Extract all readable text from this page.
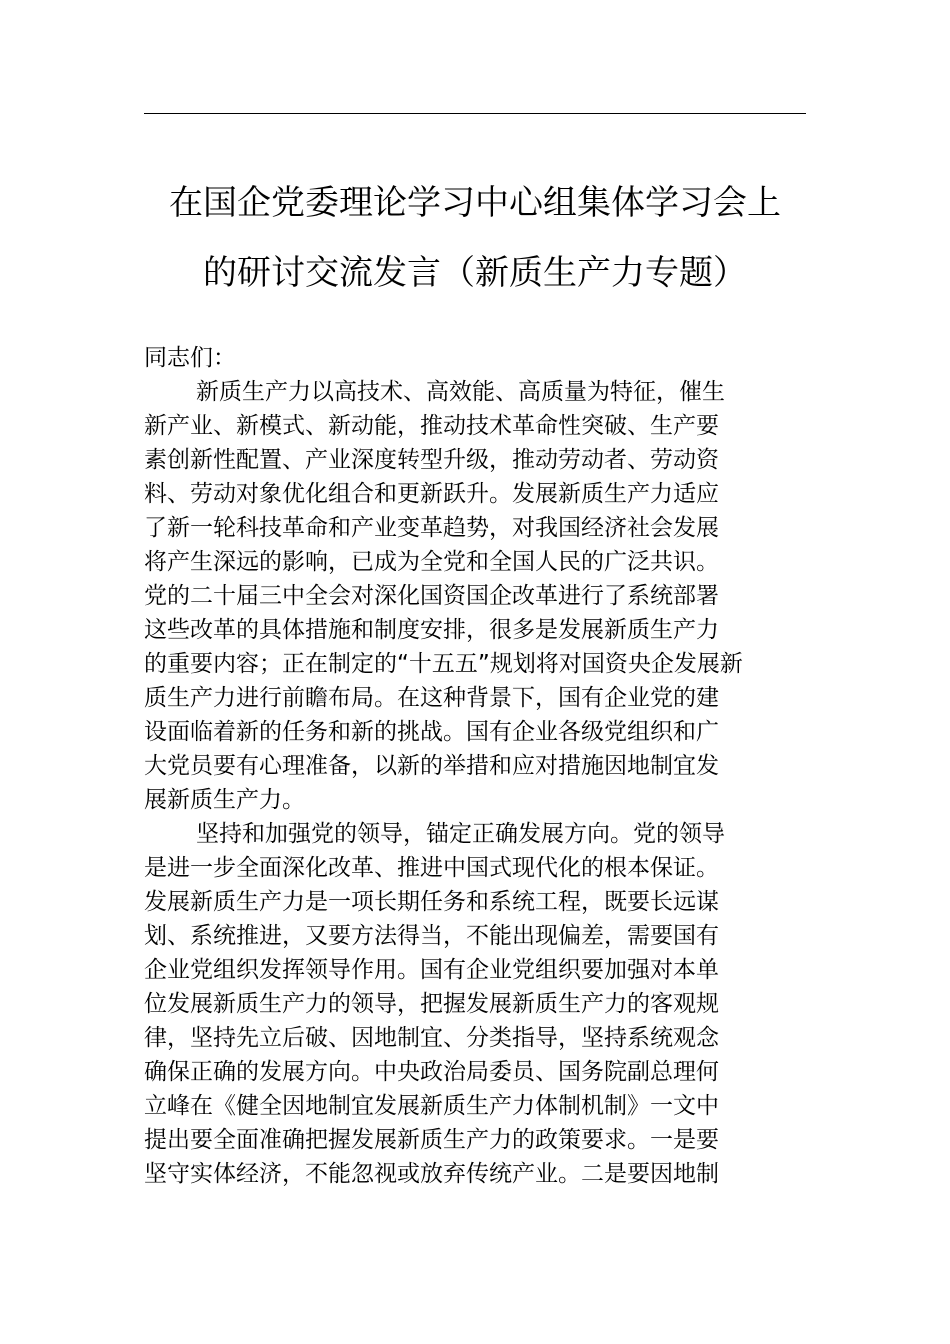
在国企党委理论学习中心组集体学习会上
的研讨交流发言（新质生产力专题）
同志们：
新质生产力以高技术、高效能、高质量为特征，催生
新产业、新模式、新动能，推动技术革命性突破、生产要
素创新性配置、产业深度转型升级，推动劳动者、劳动资
料、劳动对象优化组合和更新跃升。发展新质生产力适应
了新一轮科技革命和产业变革趋势，对我国经济社会发展
将产生深远的影响，已成为全党和全国人民的广泛共识。
党的二十届三中全会对深化国资国企改革进行了系统部署
这些改革的具体措施和制度安排，很多是发展新质生产力
的重要内容；正在制定的“十五五”规划将对国资央企发展新
质生产力进行前瞻布局。在这种背景下，国有企业党的建
设面临着新的任务和新的挑战。国有企业各级党组织和广
大党员要有心理准备，以新的举措和应对措施因地制宜发
展新质生产力。
坚持和加强党的领导，锚定正确发展方向。党的领导
是进一步全面深化改革、推进中国式现代化的根本保证。
发展新质生产力是一项长期任务和系统工程，既要长远谋
划、系统推进，又要方法得当，不能出现偏差，需要国有
企业党组织发挥领导作用。国有企业党组织要加强对本单
位发展新质生产力的领导，把握发展新质生产力的客观规
律，坚持先立后破、因地制宜、分类指导，坚持系统观念
确保正确的发展方向。中央政治局委员、国务院副总理何
立峰在《健全因地制宜发展新质生产力体制机制》一文中
提出要全面准确把握发展新质生产力的政策要求。一是要
坚守实体经济，不能忽视或放弃传统产业。二是要因地制
